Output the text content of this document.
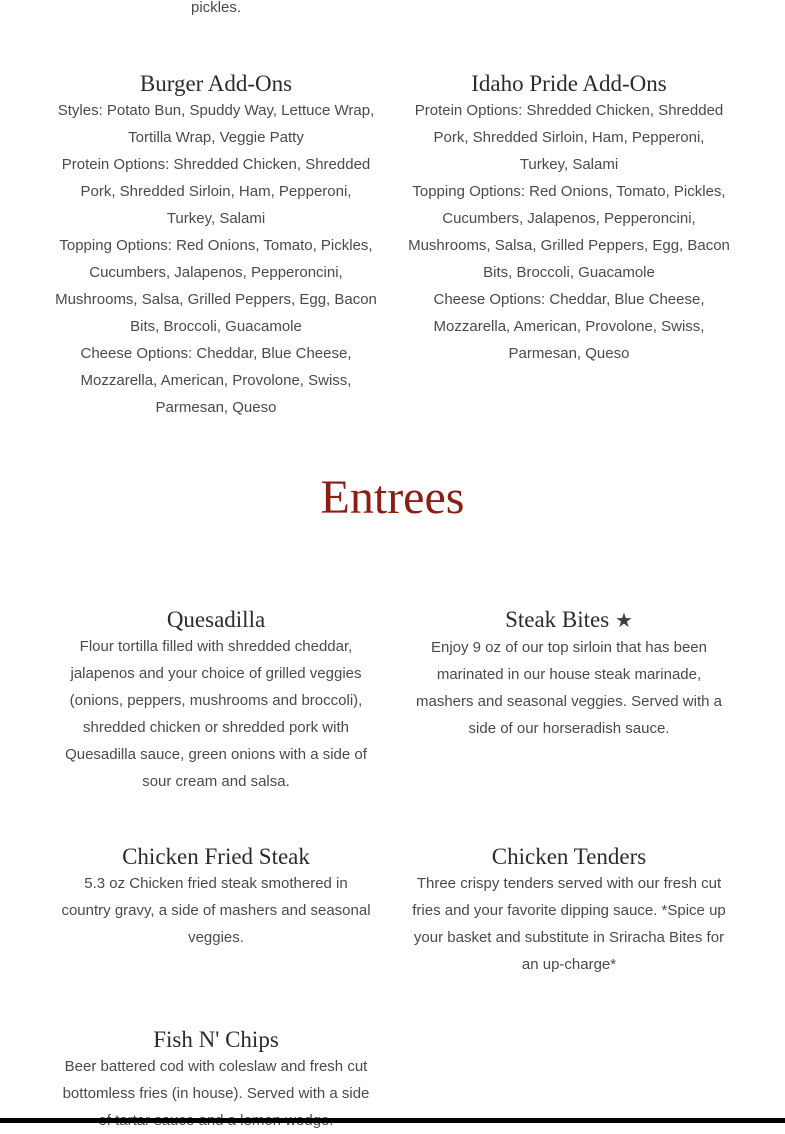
pickles.

Burger Add-Ons

Styles: Potato Bun, Spuddy Way, Lettuce Wrap,
Tortilla Wrap, Veggie Patty
Protein Options: Shredded Chicken, Shredded
Pork, Shredded Sirloin, Ham, Pepperoni,
Turkey, Salami
Topping Options: Red Onions, Tomato, Pickles,
Cucumbers, Jalapenos, Pepperoncini,
Mushrooms, Salsa, Grilled Peppers, Egg, Bacon
Bits, Broccoli, Guacamole
Cheese Options: Cheddar, Blue Cheese,
Mozzarella, American, Provolone, Swiss,
Parmesan, Queso

Idaho Pride Add-Ons

Protein Options: Shredded Chicken, Shredded
Pork, Shredded Sirloin, Ham, Pepperoni,
Turkey, Salami
Topping Options: Red Onions, Tomato, Pickles,
Cucumbers, Jalapenos, Pepperoncini,
Mushrooms, Salsa, Grilled Peppers, Egg, Bacon
Bits, Broccoli, Guacamole
Cheese Options: Cheddar, Blue Cheese,
Mozzarella, American, Provolone, Swiss,
Parmesan, Queso

Entrees
Quesadilla

Flour tortilla filled with shredded cheddar,
jalapenos and your choice of grilled veggies
(onions, peppers, mushrooms and broccoli),
shredded chicken or shredded pork with
Quesadilla sauce, green onions with a side of
sour cream and salsa.

Steak Bites ★

Enjoy 9 oz of our top sirloin that has been
marinated in our house steak marinade,
mashers and seasonal veggies. Served with a
side of our horseradish sauce.

Chicken Fried Steak

5.3 oz Chicken fried steak smothered in
country gravy, a side of mashers and seasonal
veggies.

Chicken Tenders

Three crispy tenders served with our fresh cut
fries and your favorite dipping sauce. *Spice up
your basket and substitute in Sriracha Bites for
an up-charge*

Fish N' Chips

Beer battered cod with coleslaw and fresh cut
bottomless fries (in house). Served with a side
